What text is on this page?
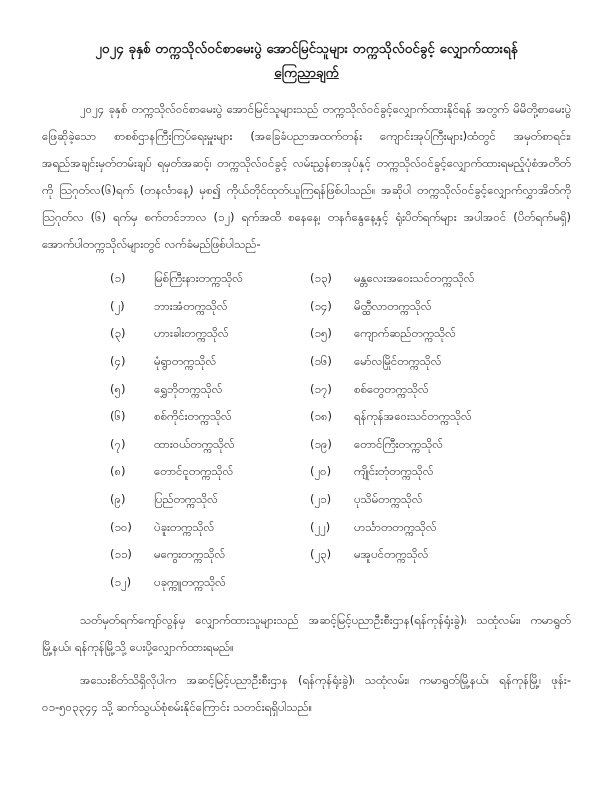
၂၀၂၄ ခုနှစ် တက္ကသိုလ်ဝင်စာမေးပွဲ အောင်မြင်သူများ တက္ကသိုလ်ဝင်ခွင့် လျှောက်ထားရန်

ကြေညာချက်

၂၀၂၄ ခုနှစ် တက္ကသိုလ်ဝင်စာမေးပွဲ အောင်မြင်သူများသည် တက္ကသိုလ်ဝင်ခွင့်လျှောက်ထားနိုင်ရန် အတွက် မိမိတို့စာမေးပွဲဖြေဆိုခဲ့သော စာစစ်ဌာနကြီးကြပ်ရေးမှူးများ (အခြေခံပညာအထက်တန်း ကျောင်းအုပ်ကြီးများ)ထံတွင် အမှတ်စာရင်း၊ အရည်အချင်းမှတ်တမ်းချပ် ရမှတ်အဆင့်၊ တက္ကသိုလ်ဝင်ခွင့် လမ်းညွှန်စာအုပ်နှင့် တက္ကသိုလ်ဝင်ခွင့်လျှောက်ထားရမည့်ပုံစံအတိတ်ကို ဩဂုတ်လ(၆)ရက် (တနင်္လာနေ့) မှစ၍ ကိုယ်တိုင်ထုတ်ယူကြရန်ဖြစ်ပါသည်။ အဆိုပါ တက္ကသိုလ်ဝင်ခွင့်လျှောက်လွှာအိတ်ကို ဩဂုတ်လ (၆) ရက်မှ စက်တင်ဘာလ (၁၂) ရက်အထိ စနေနေ့၊ တနင်္ဂနွေနေ့နှင့် ရုံးပိတ်ရက်များ အပါအဝင် (ပိတ်ရက်မရှိ) အောက်ပါတက္ကသိုလ်များတွင် လက်ခံမည်ဖြစ်ပါသည်-

(၁)	မြစ်ကြီးနားတက္ကသိုလ်
(၂)	ဘားအံတက္ကသိုလ်
(၃)	ဟားခါးတက္ကသိုလ်
(၄)	မုံရွာတက္ကသိုလ်
(၅)	ရွှေဘိုတက္ကသိုလ်
(၆)	စစ်ကိုင်းတက္ကသိုလ်
(၇)	ထားဝယ်တက္ကသိုလ်
(၈)	တောင်ငူတက္ကသိုလ်
(၉)	ပြည်တက္ကသိုလ်
(၁၀)	ပဲခူးတက္ကသိုလ်
(၁၁)	မကွေးတက္ကသိုလ်
(၁၂)	ပခုက္ကူတက္ကသိုလ်
(၁၃)	မန္တလေးအဝေးသင်တက္ကသိုလ်
(၁၄)	မိတ္ထီလာတက္ကသိုလ်
(၁၅)	ကျောက်ဆည်တက္ကသိုလ်
(၁၆)	မော်လမြိုင်တက္ကသိုလ်
(၁၇)	စစ်တွေတက္ကသိုလ်
(၁၈)	ရန်ကုန်အဝေးသင်တက္ကသိုလ်
(၁၉)	တောင်ကြီးတက္ကသိုလ်
(၂၀)	ကျိုင်းတုံတက္ကသိုလ်
(၂၁)	ပုသိမ်တက္ကသိုလ်
(၂၂)	ဟင်္သာတတက္ကသိုလ်
(၂၃)	မအူပင်တက္ကသိုလ်

သတ်မှတ်ရက်ကျော်လွန်မှ လျှောက်ထားသူများသည် အဆင့်မြင့်ပညာဦးစီးဌာန(ရန်ကုန်ရုံးခွဲ)၊ သထုံလမ်း၊ ကမာရွတ်မြို့နယ်၊ ရန်ကုန်မြို့သို့ ပေးပို့လျှောက်ထားရမည်။

အသေးစိတ်သိရှိလိုပါက အဆင့်မြင့်ပညာဦးစီးဌာန (ရန်ကုန်ရုံးခွဲ)၊ သထုံလမ်း၊ ကမာရွတ်မြို့နယ်၊ ရန်ကုန်မြို့၊ ဖုန်း- ၀၁-၅၀၃၃၄၄ သို့ ဆက်သွယ်စုံစမ်းနိုင်ကြောင်း သတင်းရရှိပါသည်။
